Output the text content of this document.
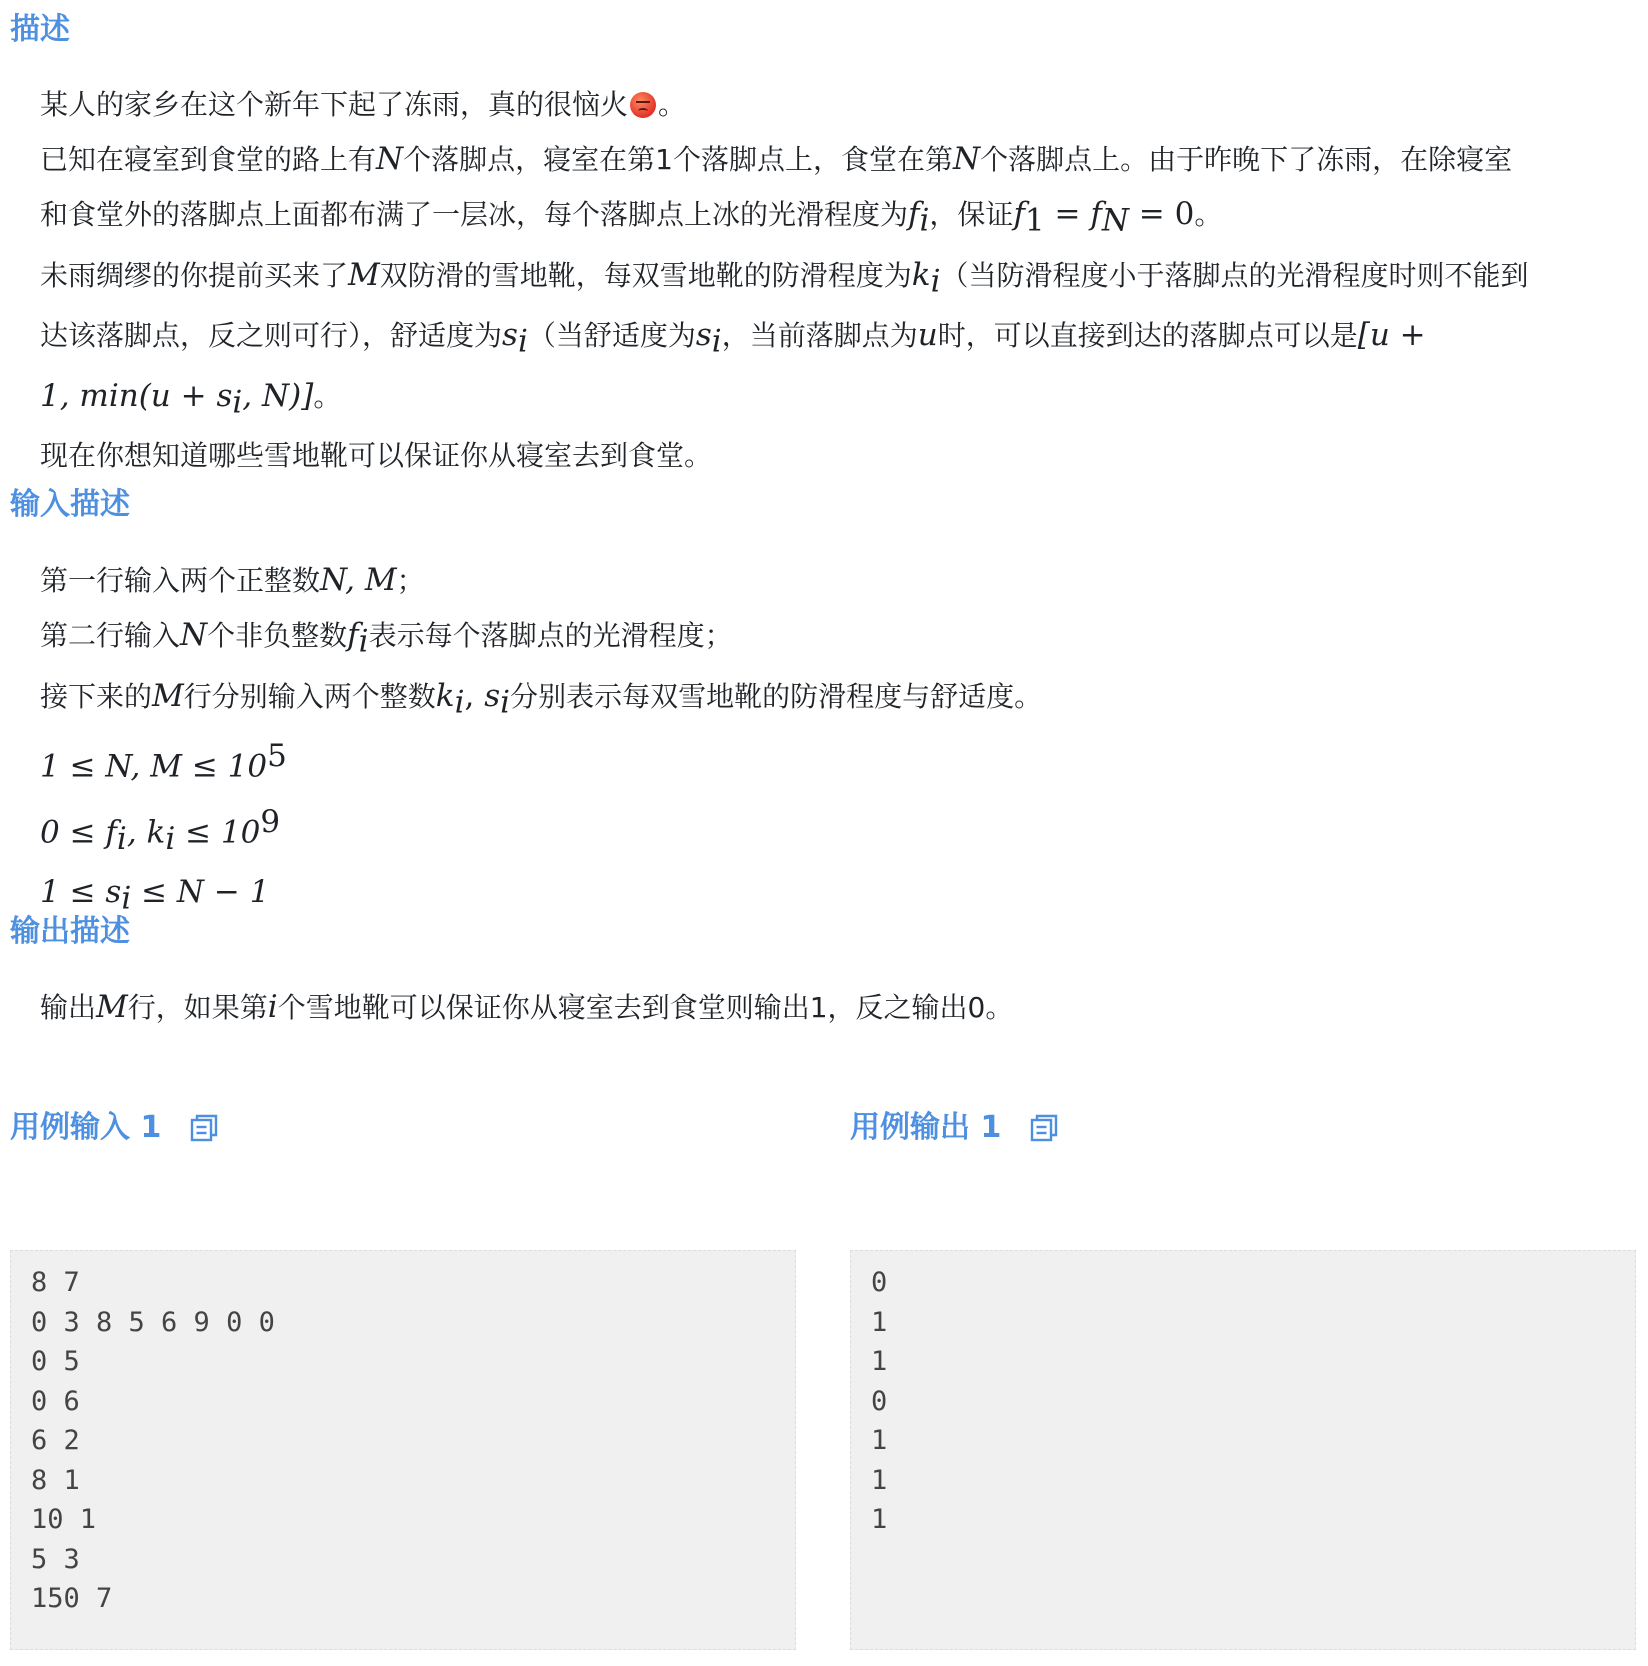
描述
某人的家乡在这个新年下起了冻雨，真的很恼火 。
已知在寝室到食堂的路上有N个落脚点，寝室在第1个落脚点上，食堂在第N个落脚点上。由于昨晚下了冻雨，在除寝室
和食堂外的落脚点上面都布满了一层冰，每个落脚点上冰的光滑程度为$f_i$，保证$f_1 = f_N = 0$。
未雨绸缪的你提前买来了M双防滑的雪地靴，每双雪地靴的防滑程度为$k_i$（当防滑程度小于落脚点的光滑程度时则不能到
达该落脚点，反之则可行），舒适度为$s_i$（当舒适度为$s_i$，当前落脚点为u时，可以直接到达的落脚点可以是[u +
1, $\min(u + s_i$, N)]。
现在你想知道哪些雪地靴可以保证你从寝室去到食堂。
输入描述
第一行输入两个正整数N, M；
第二行输入N个非负整数$f_i$表示每个落脚点的光滑程度；
接下来的M行分别输入两个整数$k_i$, $s_i$分别表示每双雪地靴的防滑程度与舒适度。
1 ≤ N, $M \le 10^5$
$0 \le f_i$, $k_i \le 10^9$
$1 \le s_i \le N - 1$
输出描述
输出M行，如果第i个雪地靴可以保证你从寝室去到食堂则输出1，反之输出0。
用例输入 1	用例输出 1
8 7
0 3 8 5 6 9 0 0
0 5
0 6
6 2
8 1
10 1
5 3
150 7
0
1
1
0
1
1
1
